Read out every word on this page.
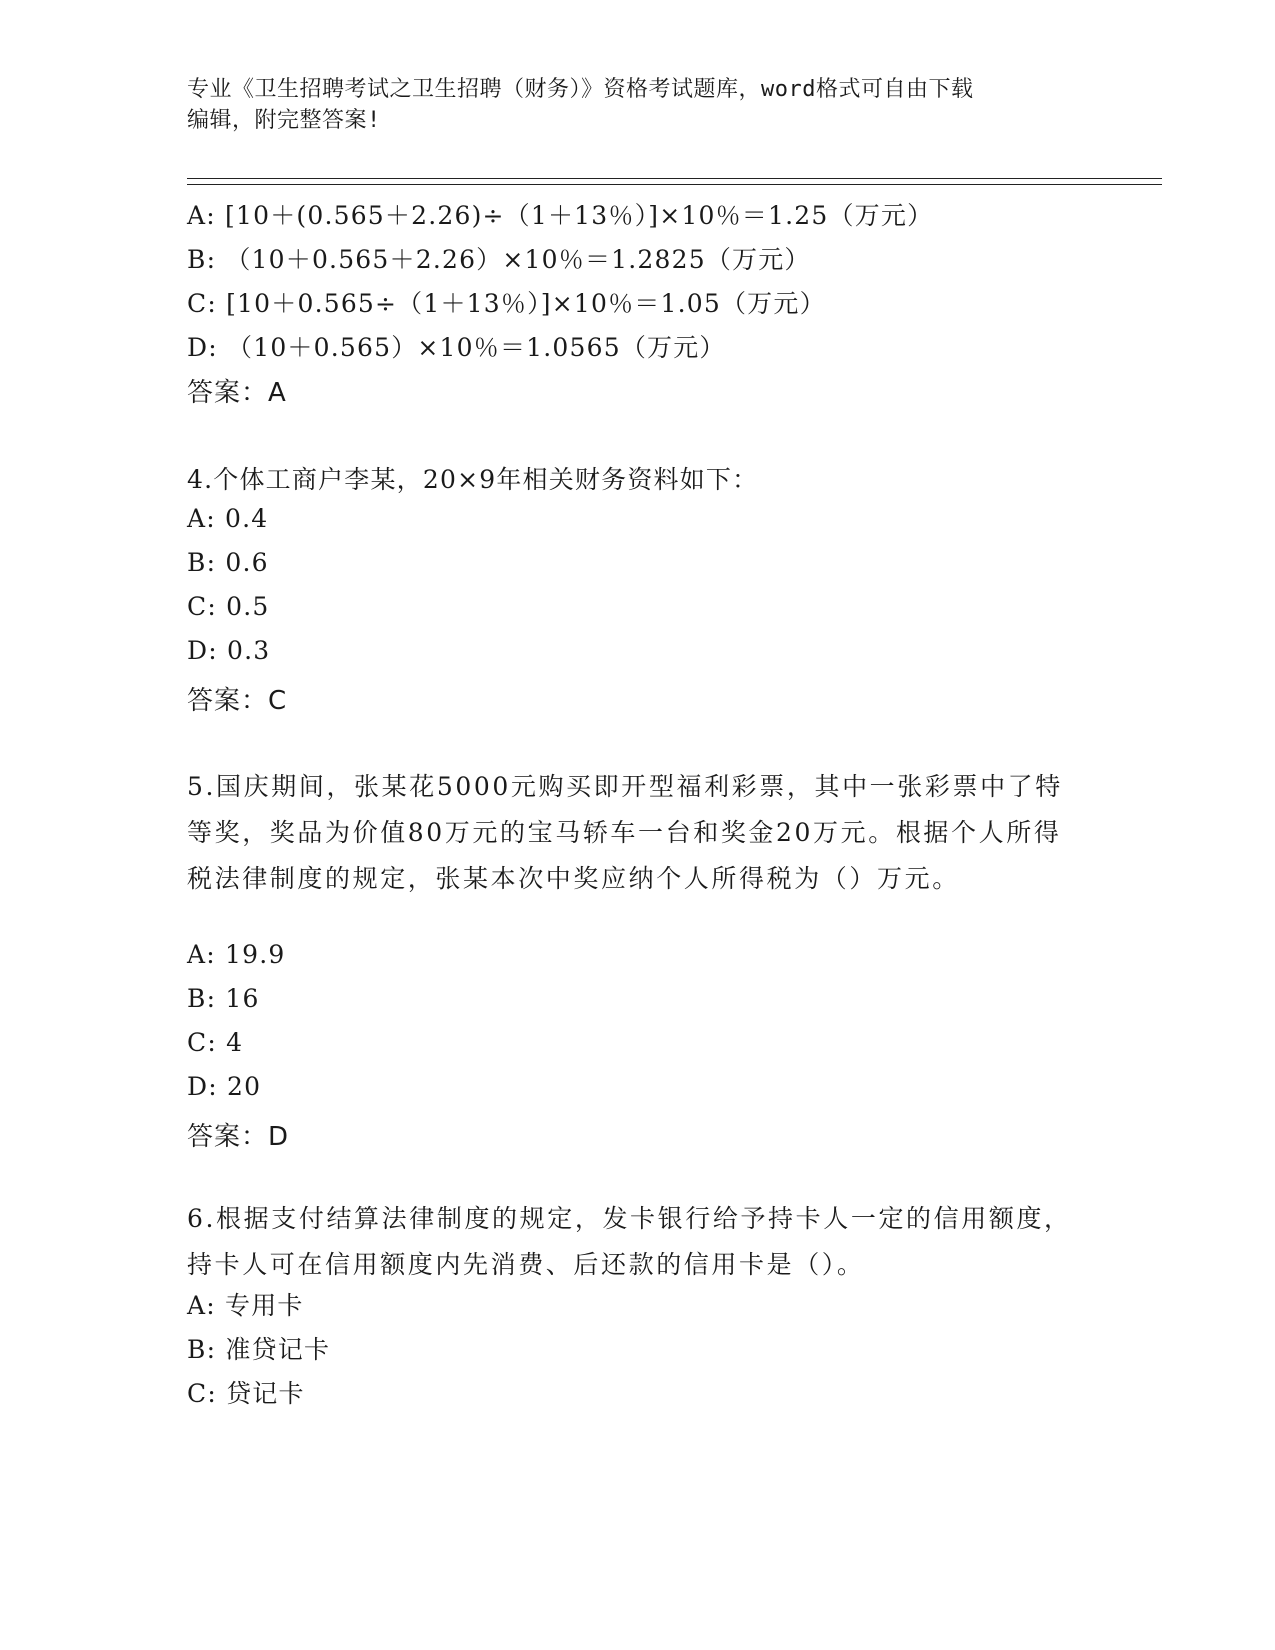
专业《卫生招聘考试之卫生招聘（财务）》资格考试题库，word格式可自由下载
编辑，附完整答案!
A: [10＋(0.565＋2.26)÷（1＋13％）]×10％＝1.25（万元）
B: （10＋0.565＋2.26）×10％＝1.2825（万元）
C: [10＋0.565÷（1＋13％）]×10％＝1.05（万元）
D: （10＋0.565）×10％＝1.0565（万元）
答案：A
4.个体工商户李某，20×9年相关财务资料如下：
A: 0.4
B: 0.6
C: 0.5
D: 0.3
答案：C
5.国庆期间，张某花5000元购买即开型福利彩票，其中一张彩票中了特等奖，奖品为价值80万元的宝马轿车一台和奖金20万元。根据个人所得税法律制度的规定，张某本次中奖应纳个人所得税为（）万元。
A: 19.9
B: 16
C: 4
D: 20
答案：D
6.根据支付结算法律制度的规定，发卡银行给予持卡人一定的信用额度，持卡人可在信用额度内先消费、后还款的信用卡是（）。
A: 专用卡
B: 准贷记卡
C: 贷记卡
